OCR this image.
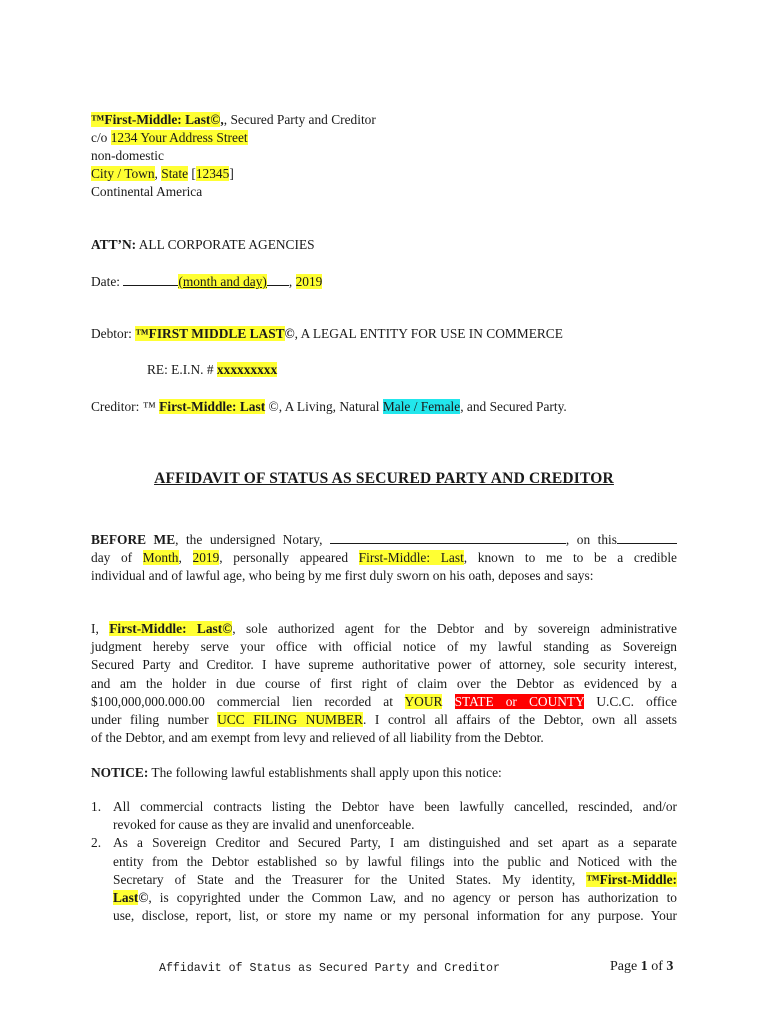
™First-Middle: Last©,, Secured Party and Creditor
c/o 1234 Your Address Street
non-domestic
City / Town, State [12345]
Continental America
ATT’N: ALL CORPORATE AGENCIES
Date:	(month and day) , 2019
Debtor: ™FIRST MIDDLE LAST©, A LEGAL ENTITY FOR USE IN COMMERCE
RE: E.I.N. # xxxxxxxxx
Creditor: ™ First-Middle: Last ©, A Living, Natural Male / Female, and Secured Party.
AFFIDAVIT OF STATUS AS SECURED PARTY AND CREDITOR
BEFORE ME, the undersigned Notary,	, on this
day of Month, 2019, personally appeared First-Middle: Last, known to me to be a credible
individual and of lawful age, who being by me first duly sworn on his oath, deposes and says:
I, First-Middle: Last©, sole authorized agent for the Debtor and by sovereign administrative
judgment hereby serve your office with official notice of my lawful standing as Sovereign
Secured Party and Creditor. I have supreme authoritative power of attorney, sole security interest,
and am the holder in due course of first right of claim over the Debtor as evidenced by a
$100,000,000.000.00 commercial lien recorded at YOUR STATE or COUNTY U.C.C. office
under filing number UCC FILING NUMBER. I control all affairs of the Debtor, own all assets
of the Debtor, and am exempt from levy and relieved of all liability from the Debtor.
NOTICE: The following lawful establishments shall apply upon this notice:
1. All commercial contracts listing the Debtor have been lawfully cancelled, rescinded, and/or
revoked for cause as they are invalid and unenforceable.
2. As a Sovereign Creditor and Secured Party, I am distinguished and set apart as a separate
entity from the Debtor established so by lawful filings into the public and Noticed with the
Secretary of State and the Treasurer for the United States. My identity, ™First-Middle:
Last©, is copyrighted under the Common Law, and no agency or person has authorization to
use, disclose, report, list, or store my name or my personal information for any purpose. Your
Affidavit of Status as Secured Party and Creditor	Page 1 of 3
